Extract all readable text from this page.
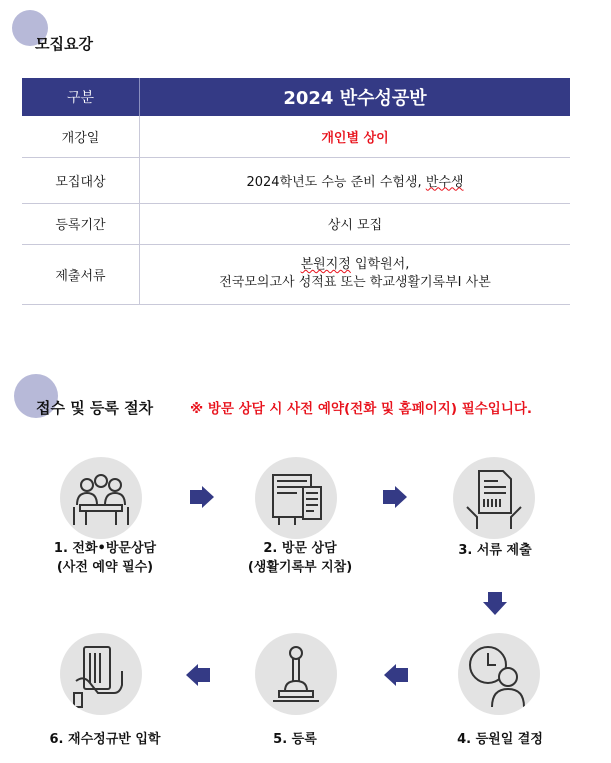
모집요강
구분	2024 반수성공반
개강일	개인별 상이
모집대상	2024학년도 수능 준비 수험생, 반수생
등록기간	상시 모집
제출서류	본원지정 입학원서,
전국모의고사 성적표 또는 학교생활기록부I 사본
접수 및 등록 절차	※ 방문 상담 시 사전 예약(전화 및 홈페이지) 필수입니다.
1. 전화•방문상담
(사전 예약 필수)
2. 방문 상담
(생활기록부 지참)
3. 서류 제출
4. 등원일 결정
5. 등록
6. 재수정규반 입학
